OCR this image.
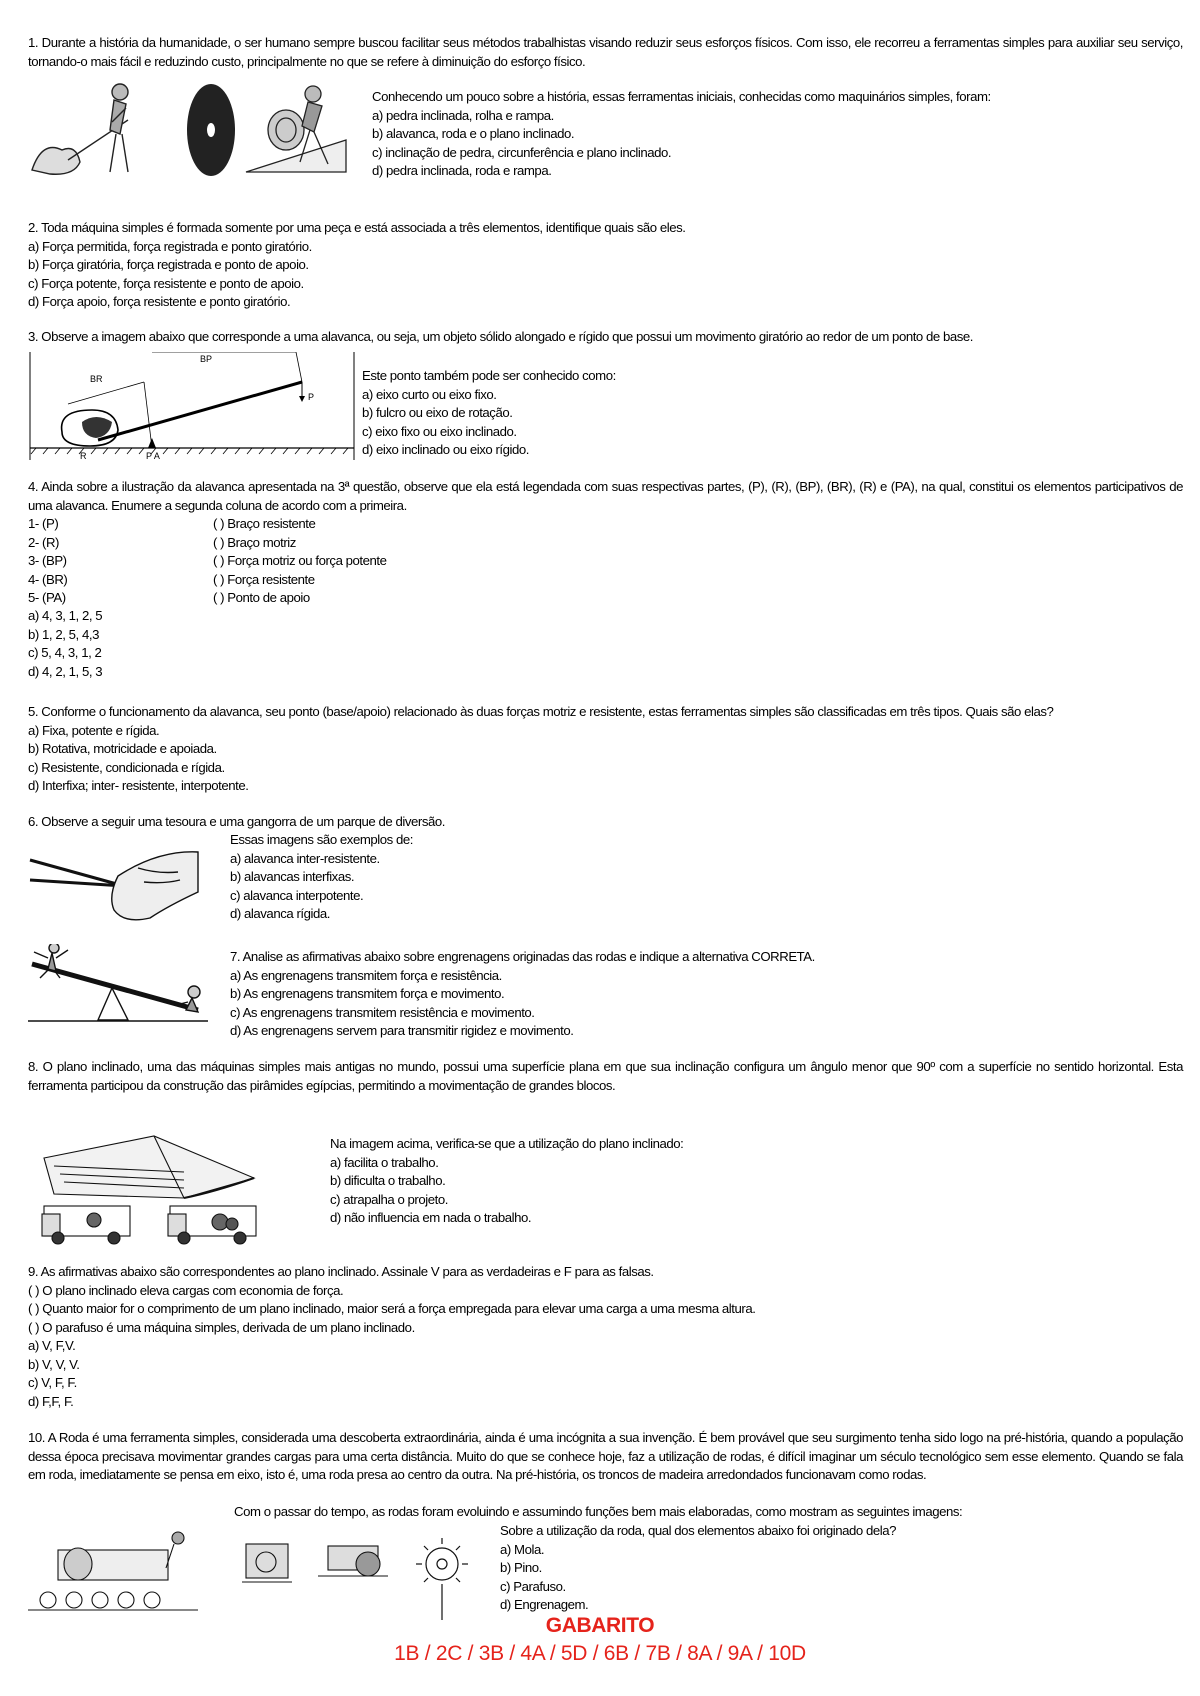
1. Durante a história da humanidade, o ser humano sempre buscou facilitar seus métodos trabalhistas visando reduzir seus esforços físicos. Com isso, ele recorreu a ferramentas simples para auxiliar seu serviço, tornando-o mais fácil e reduzindo custo, principalmente no que se refere à diminuição do esforço físico.
Conhecendo um pouco sobre a história, essas ferramentas iniciais, conhecidas como maquinários simples, foram:
a) pedra inclinada, rolha e rampa.
b) alavanca, roda e o plano inclinado.
c) inclinação de pedra, circunferência e plano inclinado.
d) pedra inclinada, roda e rampa.
2. Toda máquina simples é formada somente por uma peça e está associada a três elementos, identifique quais são eles.
a) Força permitida, força registrada e ponto giratório.
b) Força giratória, força registrada e ponto de apoio.
c) Força potente, força resistente e ponto de apoio.
d) Força apoio, força resistente e ponto giratório.
3. Observe a imagem abaixo que corresponde a uma alavanca, ou seja, um objeto sólido alongado e rígido que possui um movimento giratório ao redor de um ponto de base.
BP
BR
P
R	P A
Este ponto também pode ser conhecido como:
a) eixo curto ou eixo fixo.
b) fulcro ou eixo de rotação.
c) eixo fixo ou eixo inclinado.
d) eixo inclinado ou eixo rígido.
4. Ainda sobre a ilustração da alavanca apresentada na 3ª questão, observe que ela está legendada com suas respectivas partes, (P), (R), (BP), (BR), (R) e (PA), na qual, constitui os elementos participativos de uma alavanca. Enumere a segunda coluna de acordo com a primeira.
1- (P)
2- (R)
3- (BP)
4- (BR)
5- (PA)
( ) Braço resistente
( ) Braço motriz
( ) Força motriz ou força potente
( ) Força resistente
( ) Ponto de apoio
a) 4, 3, 1, 2, 5
b) 1, 2, 5, 4,3
c) 5, 4, 3, 1, 2
d) 4, 2, 1, 5, 3
5. Conforme o funcionamento da alavanca, seu ponto (base/apoio) relacionado às duas forças motriz e resistente, estas ferramentas simples são classificadas em três tipos. Quais são elas?
a) Fixa, potente e rígida.
b) Rotativa, motricidade e apoiada.
c) Resistente, condicionada e rígida.
d) Interfixa; inter- resistente, interpotente.
6. Observe a seguir uma tesoura e uma gangorra de um parque de diversão.
Essas imagens são exemplos de:
a) alavanca inter-resistente.
b) alavancas interfixas.
c) alavanca interpotente.
d) alavanca rígida.
7. Analise as afirmativas abaixo sobre engrenagens originadas das rodas e indique a alternativa CORRETA.
a) As engrenagens transmitem força e resistência.
b) As engrenagens transmitem força e movimento.
c) As engrenagens transmitem resistência e movimento.
d) As engrenagens servem para transmitir rigidez e movimento.
8. O plano inclinado, uma das máquinas simples mais antigas no mundo, possui uma superfície plana em que sua inclinação configura um ângulo menor que 90º com a superfície no sentido horizontal. Esta ferramenta participou da construção das pirâmides egípcias, permitindo a movimentação de grandes blocos.
Na imagem acima, verifica-se que a utilização do plano inclinado:
a) facilita o trabalho.
b) dificulta o trabalho.
c) atrapalha o projeto.
d) não influencia em nada o trabalho.
9. As afirmativas abaixo são correspondentes ao plano inclinado. Assinale V para as verdadeiras e F para as falsas.
( ) O plano inclinado eleva cargas com economia de força.
( ) Quanto maior for o comprimento de um plano inclinado, maior será a força empregada para elevar uma carga a uma mesma altura.
( ) O parafuso é uma máquina simples, derivada de um plano inclinado.
a) V, F,V.
b) V, V, V.
c) V, F, F.
d) F,F, F.
10. A Roda é uma ferramenta simples, considerada uma descoberta extraordinária, ainda é uma incógnita a sua invenção. É bem provável que seu surgimento tenha sido logo na pré-história, quando a população dessa época precisava movimentar grandes cargas para uma certa distância. Muito do que se conhece hoje, faz a utilização de rodas, é difícil imaginar um século tecnológico sem esse elemento. Quando se fala em roda, imediatamente se pensa em eixo, isto é, uma roda presa ao centro da outra. Na pré-história, os troncos de madeira arredondados funcionavam como rodas.
Com o passar do tempo, as rodas foram evoluindo e assumindo funções bem mais elaboradas, como mostram as seguintes imagens:
Sobre a utilização da roda, qual dos elementos abaixo foi originado dela?
a) Mola.
b) Pino.
c) Parafuso.
d) Engrenagem.
GABARITO
1B / 2C / 3B / 4A / 5D / 6B / 7B / 8A / 9A / 10D
